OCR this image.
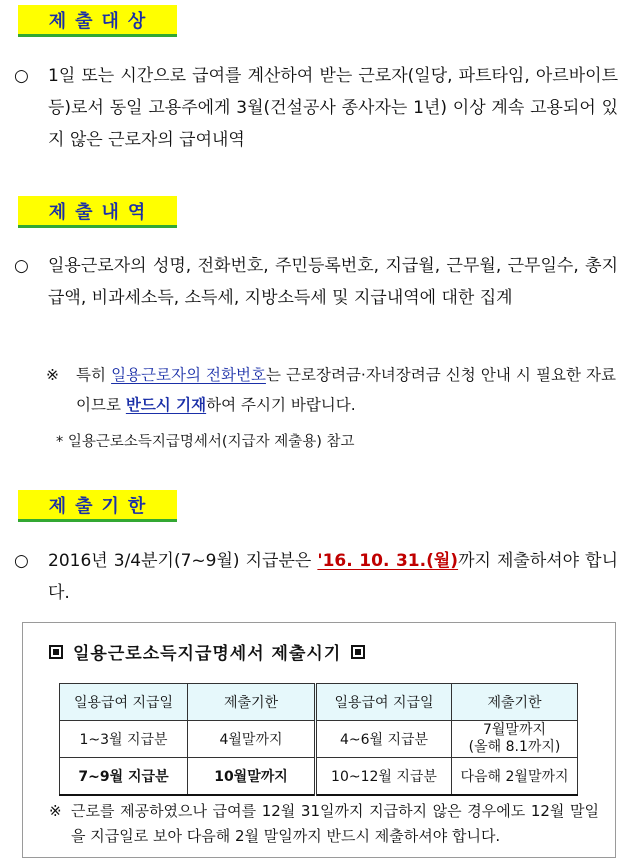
제출대상
○	1일 또는 시간으로 급여를 계산하여 받는 근로자(일당, 파트타임, 아르바이트 등)로서 동일 고용주에게 3월(건설공사 종사자는 1년) 이상 계속 고용되어 있지 않은 근로자의 급여내역
제출내역
○	일용근로자의 성명, 전화번호, 주민등록번호, 지급월, 근무월, 근무일수, 총지급액, 비과세소득, 소득세, 지방소득세 및 지급내역에 대한 집계
※	특히 일용근로자의 전화번호는 근로장려금·자녀장려금 신청 안내 시 필요한 자료이므로 반드시 기재하여 주시기 바랍니다.
* 일용근로소득지급명세서(지급자 제출용) 참고
제출기한
○	2016년 3/4분기(7~9월) 지급분은 '16. 10. 31.(월)까지 제출하셔야 합니다.
일용근로소득지급명세서 제출시기
일용급여 지급일	제출기한	일용급여 지급일	제출기한
1~3월 지급분	4월말까지	4~6월 지급분	7월말까지
(올해 8.1까지)

7~9월 지급분	10월말까지	10~12월 지급분	다음해 2월말까지
※ 근로를 제공하였으나 급여를 12월 31일까지 지급하지 않은 경우에도 12월 말일을 지급일로 보아 다음해 2월 말일까지 반드시 제출하셔야 합니다.
